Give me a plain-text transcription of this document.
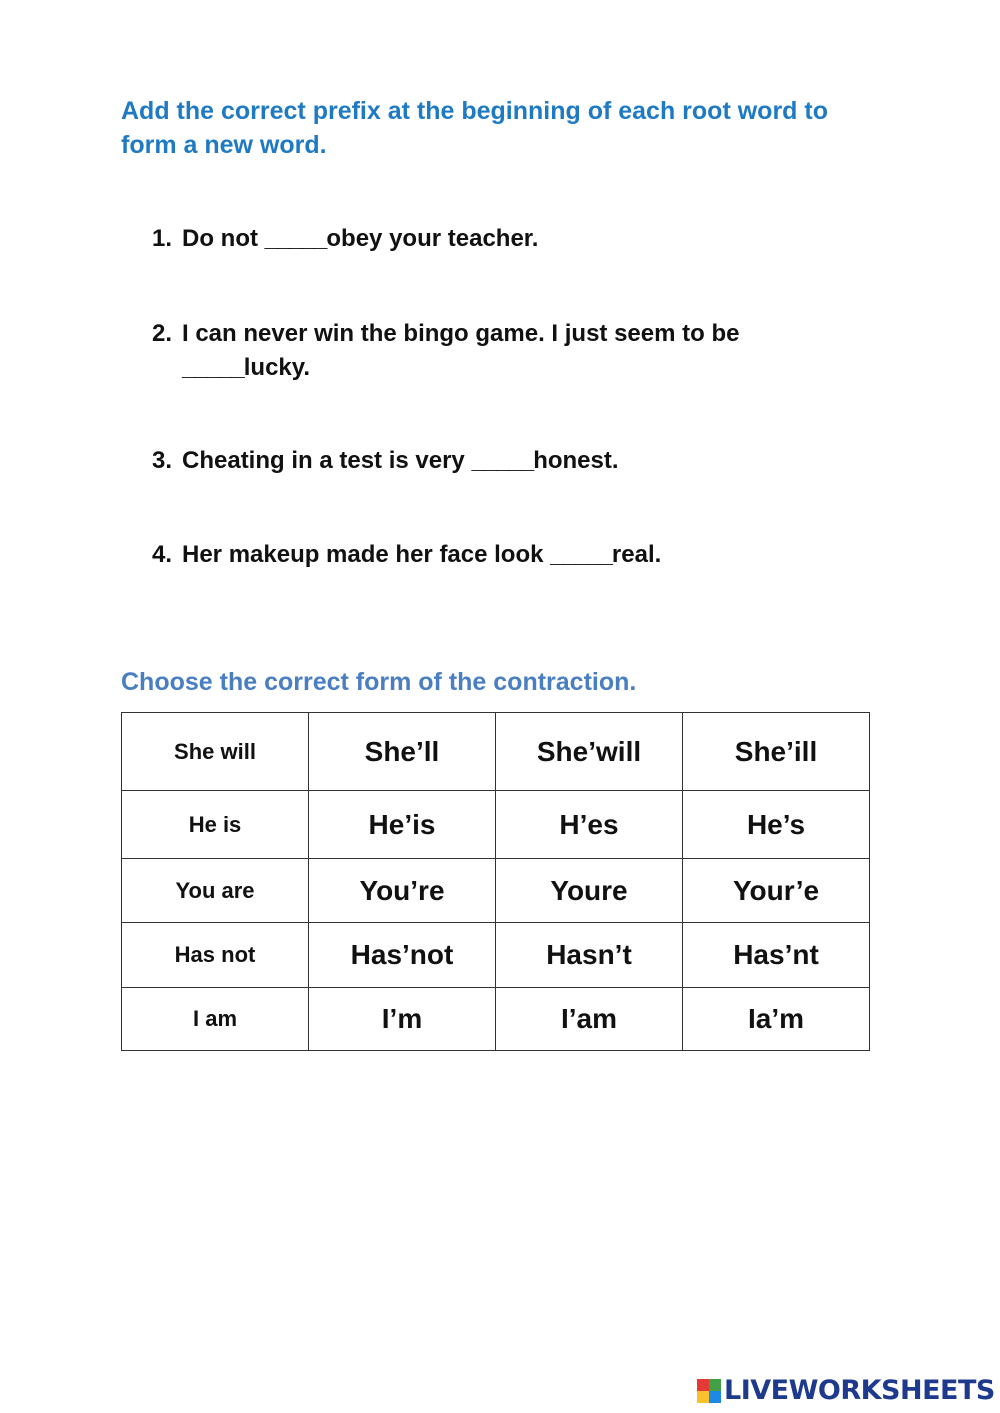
Add the correct prefix at the beginning of each root word to form a new word.
1. Do not _____obey your teacher.
2. I can never win the bingo game. I just seem to be _____lucky.
3. Cheating in a test is very _____honest.
4. Her makeup made her face look _____real.
Choose the correct form of the contraction.
She will	She’ll	She’will	She’ill
He is	He’is	H’es	He’s
You are	You’re	Youre	Your’e
Has not	Has’not	Hasn’t	Has’nt
I am	I’m	I’am	Ia’m
LIVEWORKSHEETS
